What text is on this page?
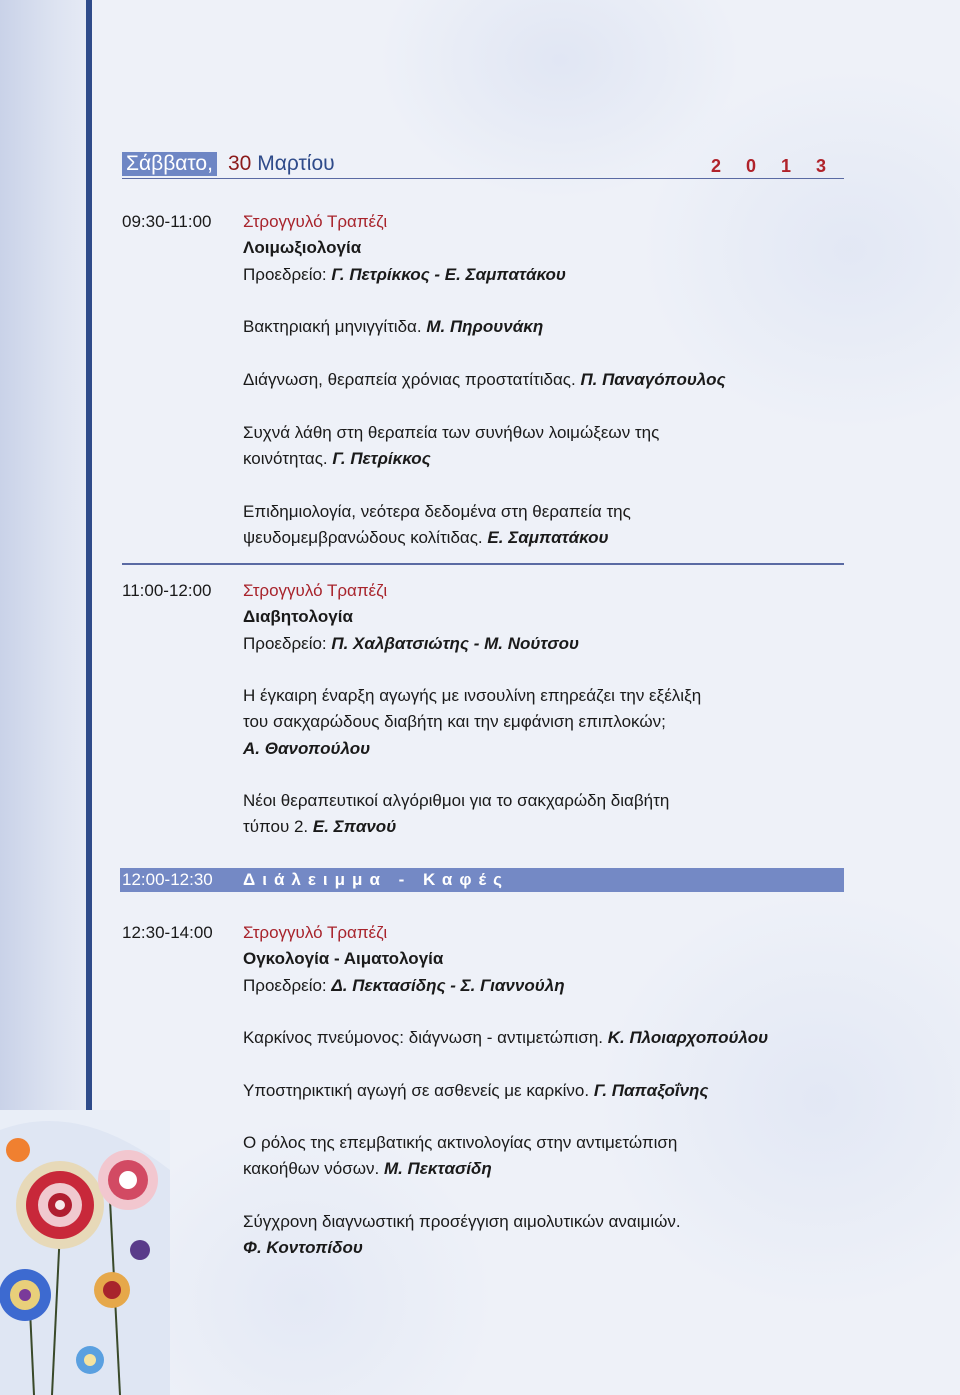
Σάββατο, 30 Μαρτίου	2 0 1 3
09:30-11:00 Στρογγυλό Τραπέζι
Λοιμωξιολογία
Προεδρείο: Γ. Πετρίκκος - Ε. Σαμπατάκου
Βακτηριακή μηνιγγίτιδα. Μ. Πηρουνάκη
Διάγνωση, θεραπεία χρόνιας προστατίτιδας. Π. Παναγόπουλος
Συχνά λάθη στη θεραπεία των συνήθων λοιμώξεων της
κοινότητας. Γ. Πετρίκκος
Επιδημιολογία, νεότερα δεδομένα στη θεραπεία της
ψευδομεμβρανώδους κολίτιδας. Ε. Σαμπατάκου
11:00-12:00 Στρογγυλό Τραπέζι
Διαβητολογία
Προεδρείο: Π. Χαλβατσιώτης - Μ. Νούτσου
Η έγκαιρη έναρξη αγωγής με ινσουλίνη επηρεάζει την εξέλιξη
του σακχαρώδους διαβήτη και την εμφάνιση επιπλοκών;
Α. Θανοπούλου
Νέοι θεραπευτικοί αλγόριθμοι για το σακχαρώδη διαβήτη
τύπου 2. Ε. Σπανού
12:00-12:30 Διάλειμμα - Καφές
12:30-14:00 Στρογγυλό Τραπέζι
Ογκολογία - Αιματολογία
Προεδρείο: Δ. Πεκτασίδης - Σ. Γιαννούλη
Καρκίνος πνεύμονος: διάγνωση - αντιμετώπιση. Κ. Πλοιαρχοπούλου
Υποστηρικτική αγωγή σε ασθενείς με καρκίνο. Γ. Παπαξοΐνης
Ο ρόλος της επεμβατικής ακτινολογίας στην αντιμετώπιση
κακοήθων νόσων. Μ. Πεκτασίδη
Σύγχρονη διαγνωστική προσέγγιση αιμολυτικών αναιμιών.
Φ. Κοντοπίδου
